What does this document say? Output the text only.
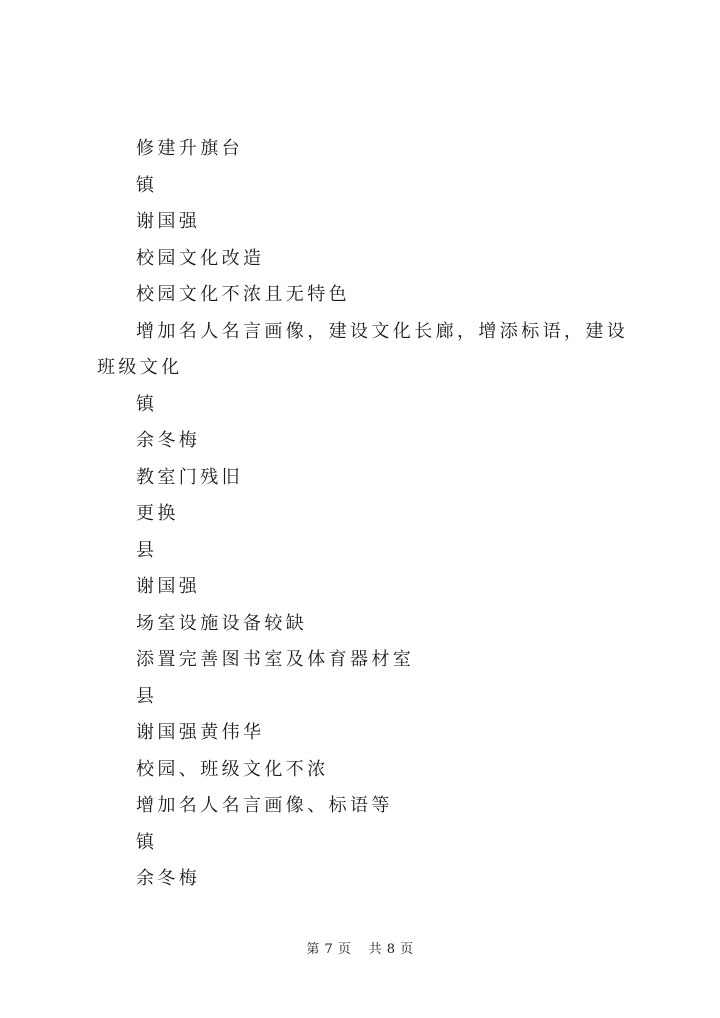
修建升旗台
镇
谢国强
校园文化改造
校园文化不浓且无特色
增加名人名言画像，建设文化长廊，增添标语，建设班级文化
镇
余冬梅
教室门残旧
更换
县
谢国强
场室设施设备较缺
添置完善图书室及体育器材室
县
谢国强黄伟华
校园、班级文化不浓
增加名人名言画像、标语等
镇
余冬梅
第 7 页 共 8 页
